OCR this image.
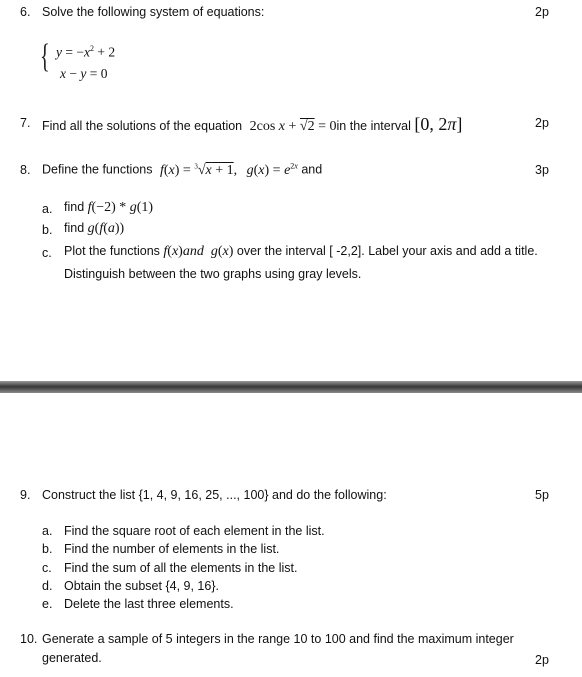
6. Solve the following system of equations:	2p
{ $y = -x^2 + 2$
x − y = 0
7. Find all the solutions of the equation 2cos x + √2 = 0in the interval [0, 2π]	2p
8. Define the functions f(x) = $^3$√x + 1, $g(x) = e^{2x}$ and	3p
a. find f(−2) * g(1)
b. find g(f(a))
c. Plot the functions f(x)and g(x) over the interval [ -2,2]. Label your axis and add a title.
Distinguish between the two graphs using gray levels.
9. Construct the list {1, 4, 9, 16, 25, ..., 100} and do the following:	5p
a. Find the square root of each element in the list.
b. Find the number of elements in the list.
c. Find the sum of all the elements in the list.
d. Obtain the subset {4, 9, 16}.
e. Delete the last three elements.
10. Generate a sample of 5 integers in the range 10 to 100 and find the maximum integer
generated.	2p
